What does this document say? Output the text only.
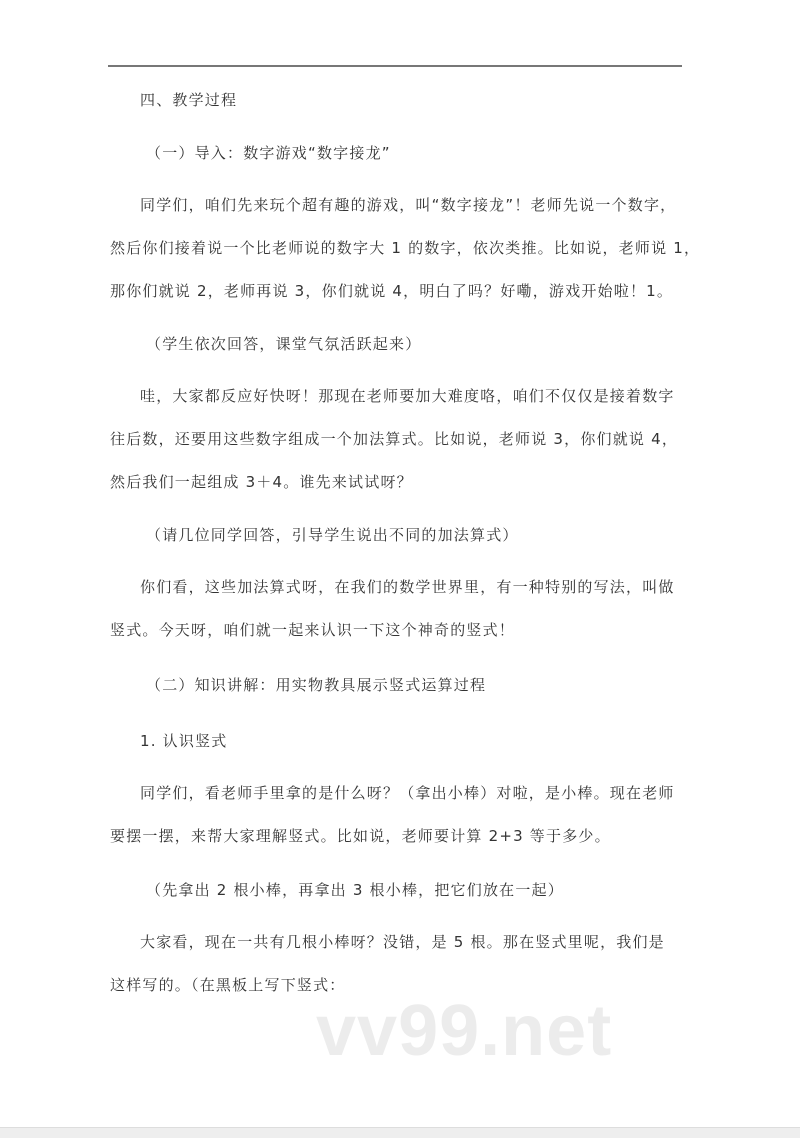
四、教学过程
（一）导入：数字游戏“数字接龙”
同学们，咱们先来玩个超有趣的游戏，叫“数字接龙”！老师先说一个数字，
然后你们接着说一个比老师说的数字大 1 的数字，依次类推。比如说，老师说 1，
那你们就说 2，老师再说 3，你们就说 4，明白了吗？好嘞，游戏开始啦！1。
（学生依次回答，课堂气氛活跃起来）
哇，大家都反应好快呀！那现在老师要加大难度咯，咱们不仅仅是接着数字
往后数，还要用这些数字组成一个加法算式。比如说，老师说 3，你们就说 4，
然后我们一起组成 3＋4。谁先来试试呀？
（请几位同学回答，引导学生说出不同的加法算式）
你们看，这些加法算式呀，在我们的数学世界里，有一种特别的写法，叫做
竖式。今天呀，咱们就一起来认识一下这个神奇的竖式！
（二）知识讲解：用实物教具展示竖式运算过程
1. 认识竖式
同学们，看老师手里拿的是什么呀？（拿出小棒）对啦，是小棒。现在老师
要摆一摆，来帮大家理解竖式。比如说，老师要计算 2+3 等于多少。
（先拿出 2 根小棒，再拿出 3 根小棒，把它们放在一起）
大家看，现在一共有几根小棒呀？没错，是 5 根。那在竖式里呢，我们是
这样写的。（在黑板上写下竖式：
vv99.net
